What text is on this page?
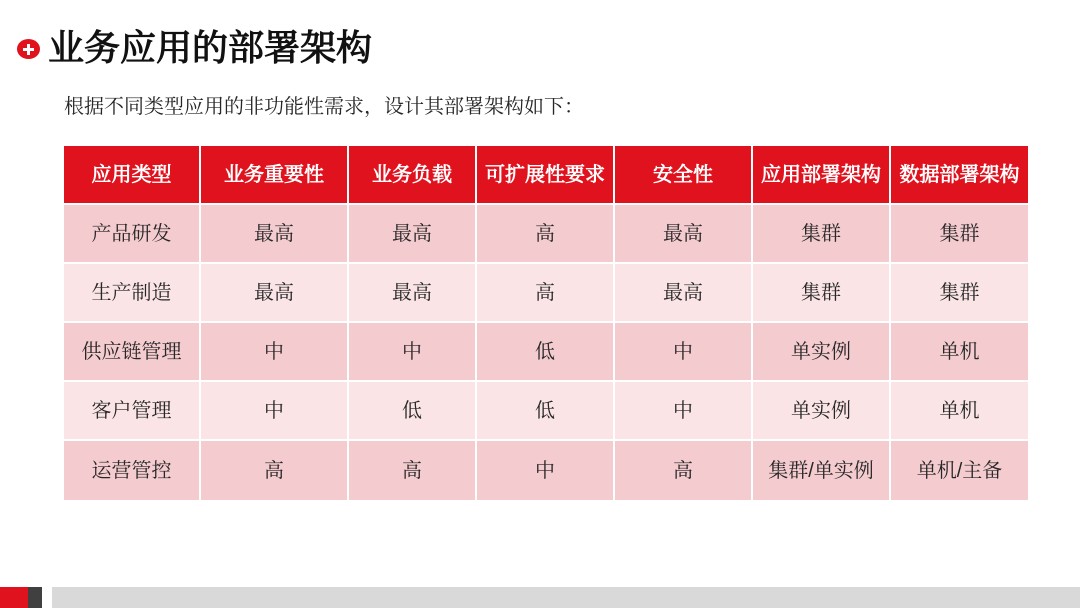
业务应用的部署架构
根据不同类型应用的非功能性需求，设计其部署架构如下：
应用类型	业务重要性	业务负载	可扩展性要求	安全性	应用部署架构 数据部署架构
产品研发	最高	最高	高	最高	集群	集群
生产制造	最高	最高	高	最高	集群	集群
供应链管理	中	中	低	中	单实例	单机
客户管理	中	低	低	中	单实例	单机
运营管控	高	高	中	高	集群/单实例	单机/主备
